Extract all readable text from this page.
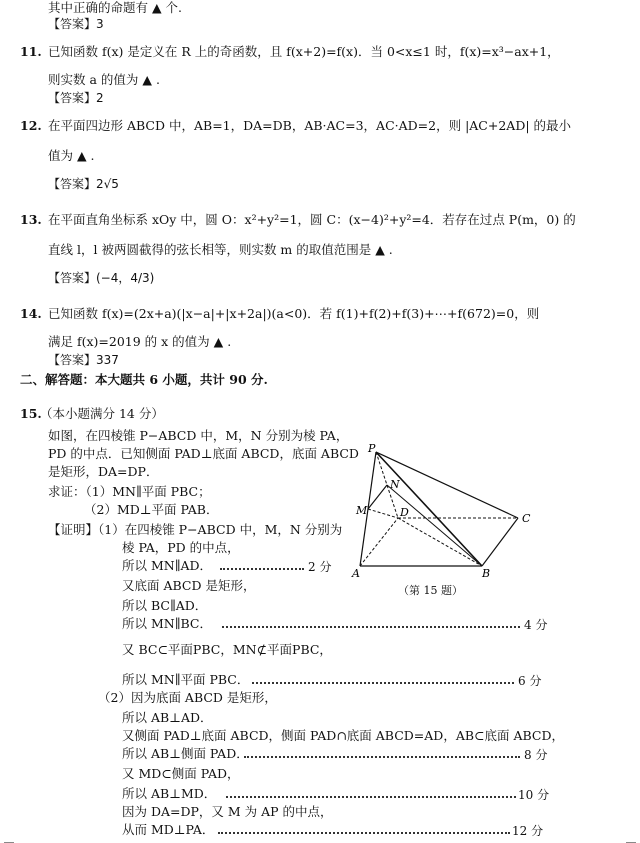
其中正确的命题有 ▲ 个.
【答案】3
11. 已知函数 f(x) 是定义在 R 上的奇函数，且 f(x+2)=f(x)．当 0<x≤1 时，f(x)=x³−ax+1，
则实数 a 的值为 ▲ .
【答案】2
12. 在平面四边形 ABCD 中，AB=1，DA=DB，AB·AC=3，AC·AD=2，则 |AC+2AD| 的最小
值为 ▲ .
【答案】2√5
13. 在平面直角坐标系 xOy 中，圆 O：x²+y²=1，圆 C：(x−4)²+y²=4．若存在过点 P(m，0) 的
直线 l，l 被两圆截得的弦长相等，则实数 m 的取值范围是 ▲ .
【答案】(−4，4/3)
14. 已知函数 f(x)=(2x+a)(|x−a|+|x+2a|)(a<0)．若 f(1)+f(2)+f(3)+⋯+f(672)=0，则
满足 f(x)=2019 的 x 的值为 ▲ .
【答案】337
二、解答题：本大题共 6 小题，共计 90 分.
15.
（本小题满分 14 分）
如图，在四棱锥 P−ABCD 中，M，N 分别为棱 PA，
PD 的中点．已知侧面 PAD⊥底面 ABCD，底面 ABCD
是矩形，DA=DP．
求证：（1）MN∥平面 PBC；
（2）MD⊥平面 PAB．
【证明】（1）在四棱锥 P−ABCD 中，M，N 分别为
棱 PA，PD 的中点，
所以 MN∥AD．	2 分
又底面 ABCD 是矩形，
所以 BC∥AD．
所以 MN∥BC．	4 分
又 BC⊂平面PBC，MN⊄平面PBC，
所以 MN∥平面 PBC．	6 分
（2）因为底面 ABCD 是矩形，
所以 AB⊥AD．
又侧面 PAD⊥底面 ABCD，侧面 PAD∩底面 ABCD=AD，AB⊂底面 ABCD，
所以 AB⊥侧面 PAD．	8 分
又 MD⊂侧面 PAD，
所以 AB⊥MD．	10 分
因为 DA=DP，又 M 为 AP 的中点，
从而 MD⊥PA．	12 分
P
N
M	D	C
A	B
（第 15 题）
